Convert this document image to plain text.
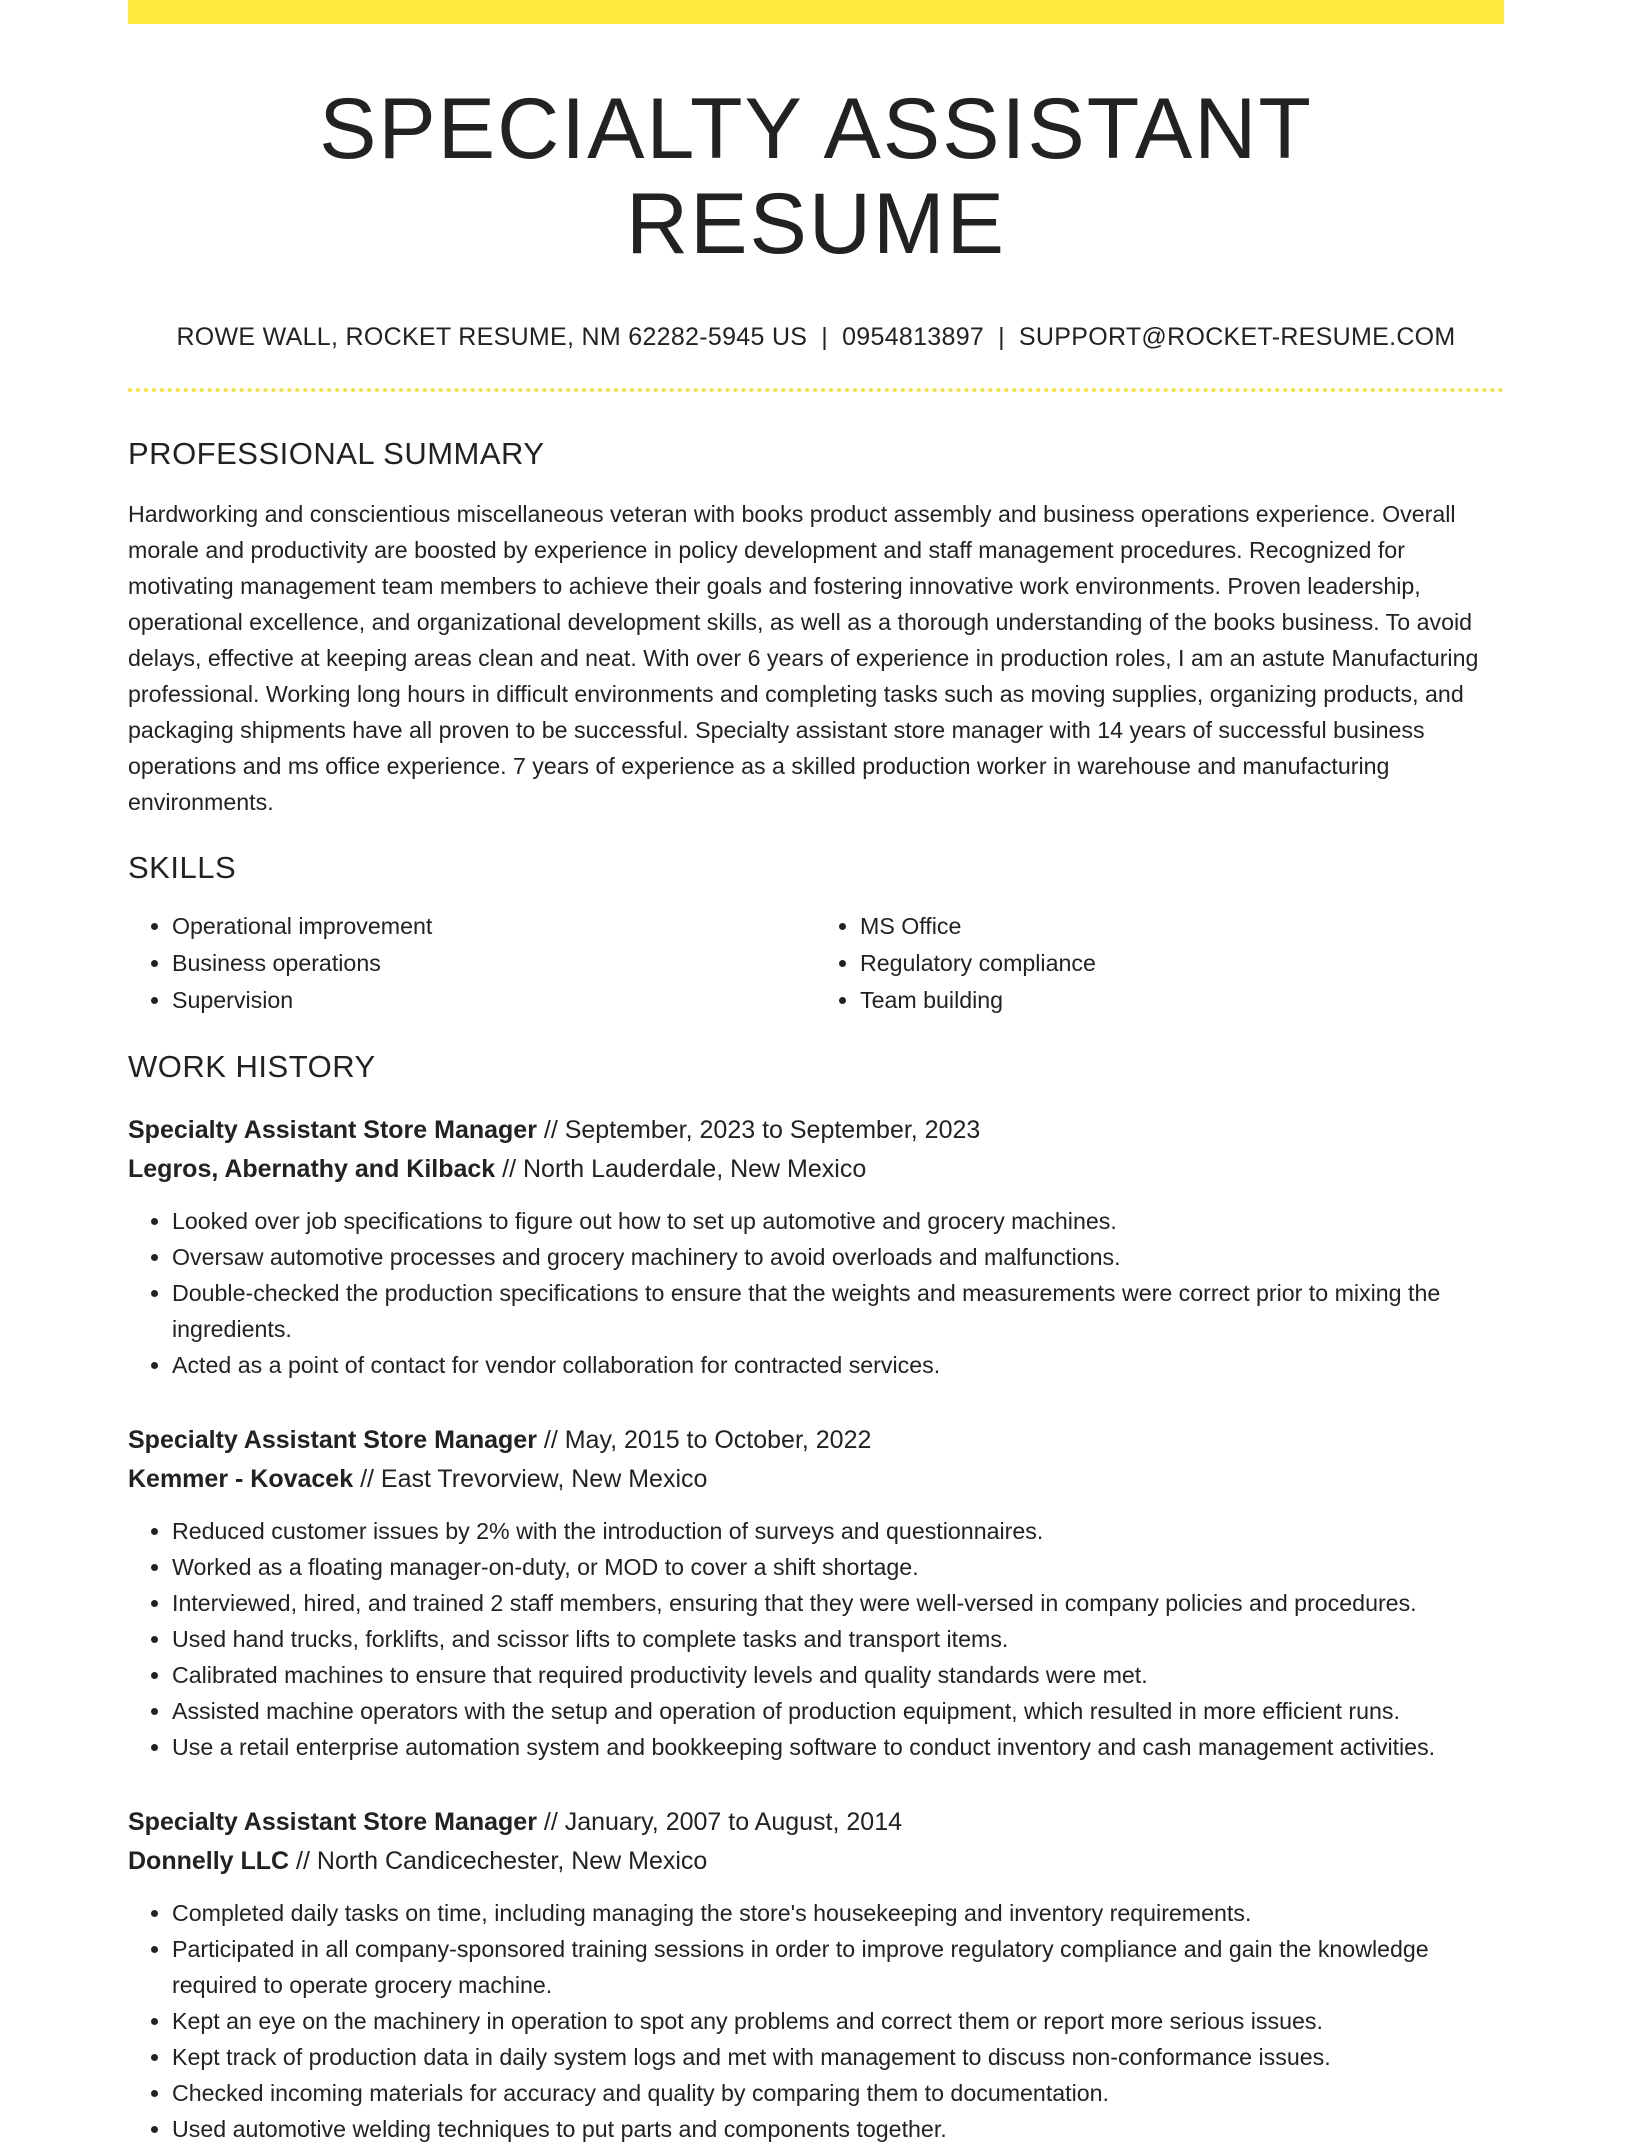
SPECIALTY ASSISTANT RESUME
ROWE WALL, ROCKET RESUME, NM 62282-5945 US | 0954813897 | SUPPORT@ROCKET-RESUME.COM
PROFESSIONAL SUMMARY

Hardworking and conscientious miscellaneous veteran with books product assembly and business operations experience. Overall morale and productivity are boosted by experience in policy development and staff management procedures. Recognized for motivating management team members to achieve their goals and fostering innovative work environments. Proven leadership, operational excellence, and organizational development skills, as well as a thorough understanding of the books business. To avoid delays, effective at keeping areas clean and neat. With over 6 years of experience in production roles, I am an astute Manufacturing professional. Working long hours in difficult environments and completing tasks such as moving supplies, organizing products, and packaging shipments have all proven to be successful. Specialty assistant store manager with 14 years of successful business operations and ms office experience. 7 years of experience as a skilled production worker in warehouse and manufacturing environments.

SKILLS
• Operational improvement
• Business operations
• Supervision
• MS Office
• Regulatory compliance
• Team building
WORK HISTORY
Specialty Assistant Store Manager // September, 2023 to September, 2023
Legros, Abernathy and Kilback // North Lauderdale, New Mexico
• Looked over job specifications to figure out how to set up automotive and grocery machines.
• Oversaw automotive processes and grocery machinery to avoid overloads and malfunctions.
• Double-checked the production specifications to ensure that the weights and measurements were correct prior to mixing the ingredients.
• Acted as a point of contact for vendor collaboration for contracted services.
Specialty Assistant Store Manager // May, 2015 to October, 2022
Kemmer - Kovacek // East Trevorview, New Mexico
• Reduced customer issues by 2% with the introduction of surveys and questionnaires.
• Worked as a floating manager-on-duty, or MOD to cover a shift shortage.
• Interviewed, hired, and trained 2 staff members, ensuring that they were well-versed in company policies and procedures.
• Used hand trucks, forklifts, and scissor lifts to complete tasks and transport items.
• Calibrated machines to ensure that required productivity levels and quality standards were met.
• Assisted machine operators with the setup and operation of production equipment, which resulted in more efficient runs.
• Use a retail enterprise automation system and bookkeeping software to conduct inventory and cash management activities.
Specialty Assistant Store Manager // January, 2007 to August, 2014
Donnelly LLC // North Candicechester, New Mexico
• Completed daily tasks on time, including managing the store's housekeeping and inventory requirements.
• Participated in all company-sponsored training sessions in order to improve regulatory compliance and gain the knowledge required to operate grocery machine.
• Kept an eye on the machinery in operation to spot any problems and correct them or report more serious issues.
• Kept track of production data in daily system logs and met with management to discuss non-conformance issues.
• Checked incoming materials for accuracy and quality by comparing them to documentation.
• Used automotive welding techniques to put parts and components together.
